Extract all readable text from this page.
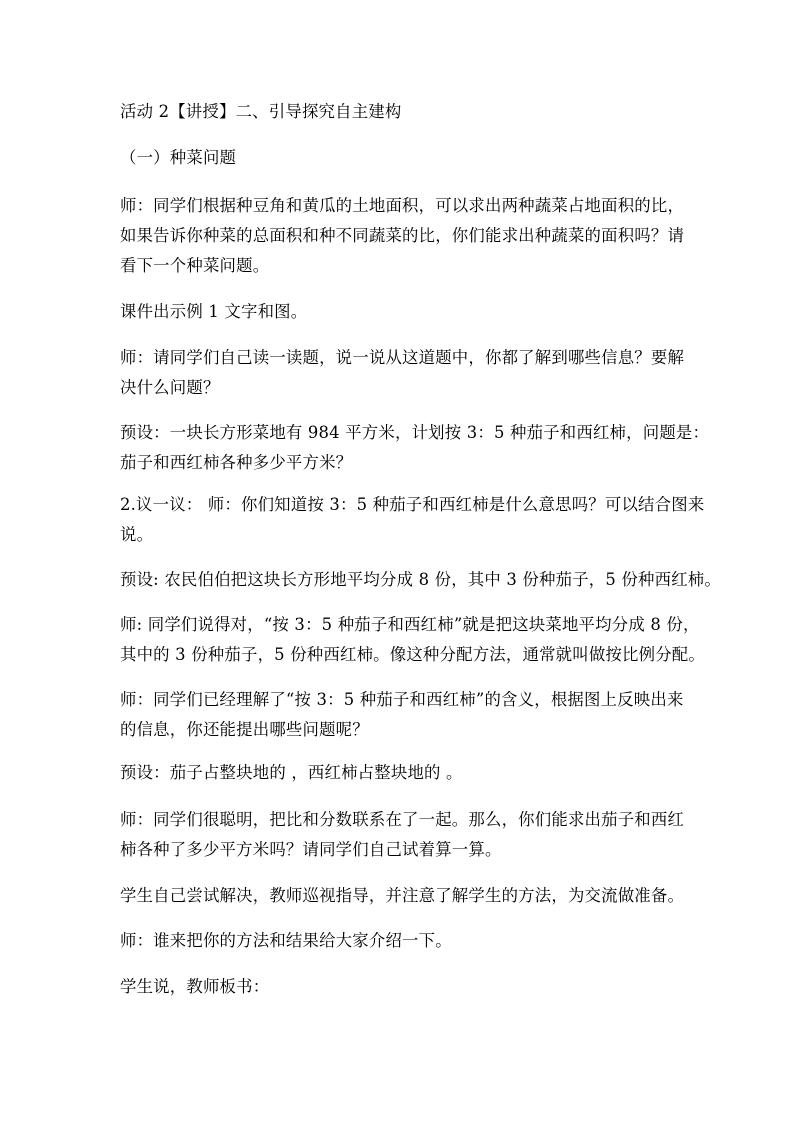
活动 2【讲授】二、引导探究自主建构

（一）种菜问题

师：同学们根据种豆角和黄瓜的土地面积，可以求出两种蔬菜占地面积的比，
如果告诉你种菜的总面积和种不同蔬菜的比，你们能求出种蔬菜的面积吗？请
看下一个种菜问题。

课件出示例 1 文字和图。

师：请同学们自己读一读题，说一说从这道题中，你都了解到哪些信息？要解
决什么问题？

预设：一块长方形菜地有 984 平方米，计划按 3：5 种茄子和西红柿，问题是：
茄子和西红柿各种多少平方米？

2.议一议： 师：你们知道按 3：5 种茄子和西红柿是什么意思吗？可以结合图来
说。

预设: 农民伯伯把这块长方形地平均分成 8 份，其中 3 份种茄子，5 份种西红柿。

师: 同学们说得对，“按 3：5 种茄子和西红柿”就是把这块菜地平均分成 8 份，
其中的 3 份种茄子，5 份种西红柿。像这种分配方法，通常就叫做按比例分配。

师：同学们已经理解了“按 3：5 种茄子和西红柿”的含义，根据图上反映出来
的信息，你还能提出哪些问题呢？

预设：茄子占整块地的 ，西红柿占整块地的 。

师：同学们很聪明，把比和分数联系在了一起。那么，你们能求出茄子和西红
柿各种了多少平方米吗？请同学们自己试着算一算。

学生自己尝试解决，教师巡视指导，并注意了解学生的方法，为交流做准备。

师：谁来把你的方法和结果给大家介绍一下。

学生说，教师板书：
